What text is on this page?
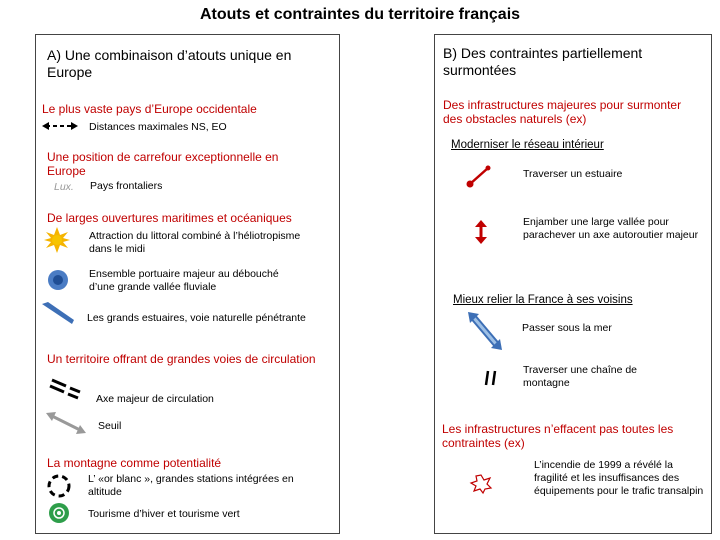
Atouts et contraintes du territoire français
A) Une combinaison d’atouts unique en Europe
Le plus vaste pays d’Europe occidentale
Distances maximales NS, EO
Une position de carrefour exceptionnelle en Europe
Lux. Pays frontaliers
De larges ouvertures maritimes et océaniques
Attraction du littoral combiné à l’héliotropisme dans le midi
Ensemble portuaire majeur au débouché d’une grande vallée fluviale
Les grands estuaires, voie naturelle pénétrante
Un territoire offrant de grandes voies de circulation
Axe majeur de circulation
Seuil
La montagne comme potentialité
L’ «or blanc », grandes stations intégrées en altitude
Tourisme d’hiver et tourisme vert
B) Des contraintes partiellement surmontées
Des infrastructures majeures pour surmonter des obstacles naturels (ex)
Moderniser le réseau intérieur
Traverser un estuaire
Enjamber une large vallée pour parachever un axe autoroutier majeur
Mieux relier la France à ses voisins
Passer sous la mer
Traverser une chaîne de montagne
Les infrastructures n’effacent pas toutes les contraintes (ex)
L’incendie de 1999 a révélé la fragilité et les insuffisances des équipements pour le trafic transalpin
